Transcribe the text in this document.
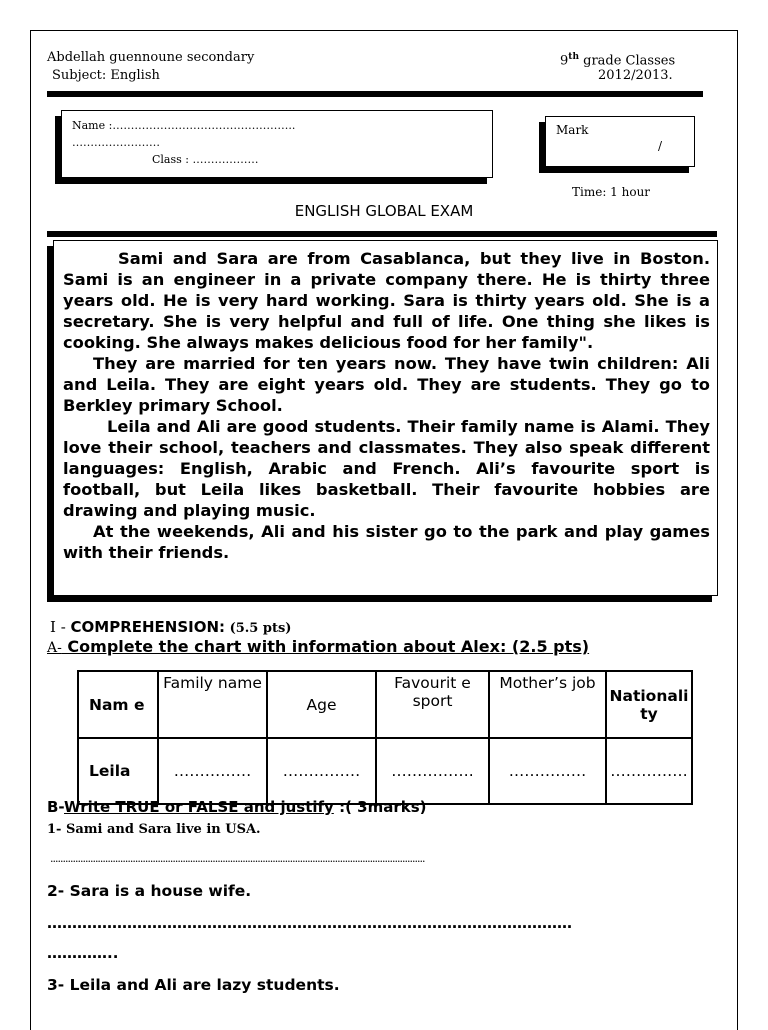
Abdellah guennoune secondary
Subject: English
9th grade Classes
2012/2013.
Name :…………………………………………..
……………………
Class : ………………
Mark
/
Time: 1 hour
ENGLISH GLOBAL EXAM

Sami and Sara are from Casablanca, but they live in Boston. Sami is an engineer in a private company there. He is thirty three years old. He is very hard working. Sara is thirty years old. She is a secretary. She is very helpful and full of life. One thing she likes is cooking. She always makes delicious food for her family".

They are married for ten years now. They have twin children: Ali and Leila. They are eight years old. They are students. They go to Berkley primary School.

Leila and Ali are good students. Their family name is Alami. They love their school, teachers and classmates. They also speak different languages: English, Arabic and French. Ali’s favourite sport is football, but Leila likes basketball. Their favourite hobbies are drawing and playing music.

At the weekends, Ali and his sister go to the park and play games with their friends.

I - COMPREHENSION: (5.5 pts)
A- Complete the chart with information about Alex: (2.5 pts)
Nam e	Family name	Age	Favourit e sport	Mother’s job	Nationali ty
Leila	……………	……………	…………….	……………	……………
B-Write TRUE or FALSE and justify :( 3marks)
1- Sami and Sara live in USA.
......................................................................................................................................................
2- Sara is a house wife.
……………………………………………………………………………………………
…………..
3- Leila and Ali are lazy students.
